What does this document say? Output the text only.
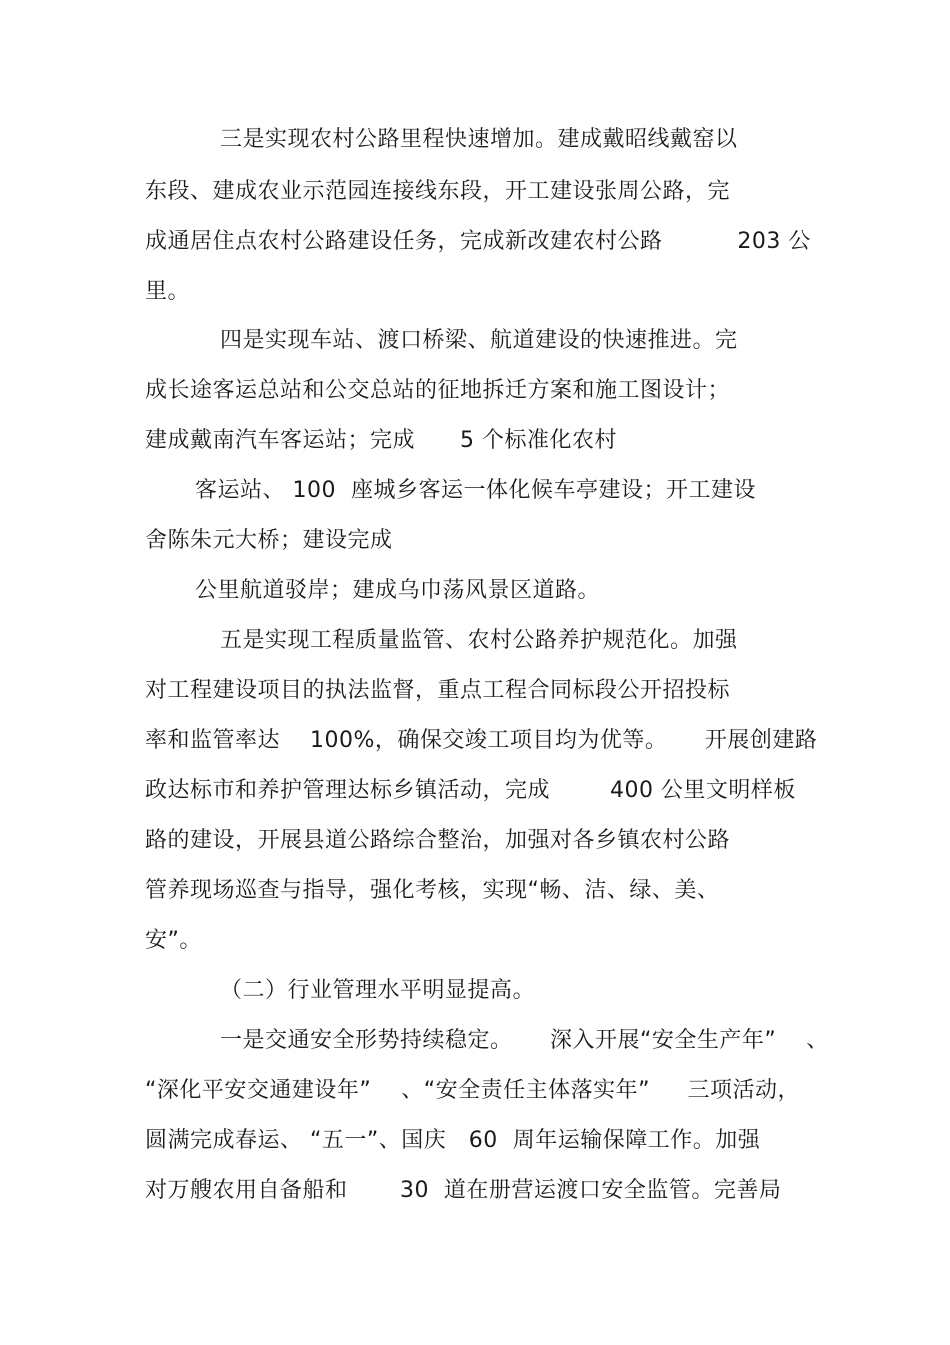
三是实现农村公路里程快速增加。建成戴昭线戴窑以
东段、建成农业示范园连接线东段，开工建设张周公路，完
成通居住点农村公路建设任务，完成新改建农村公路          203 公
里。
四是实现车站、渡口桥梁、航道建设的快速推进。完
成长途客运总站和公交总站的征地拆迁方案和施工图设计；
建成戴南汽车客运站；完成      5 个标准化农村
客运站、 100  座城乡客运一体化候车亭建设；开工建设
舍陈朱元大桥；建设完成
公里航道驳岸；建成乌巾荡风景区道路。
五是实现工程质量监管、农村公路养护规范化。加强
对工程建设项目的执法监督，重点工程合同标段公开招投标
率和监管率达    100%，确保交竣工项目均为优等。     开展创建路
政达标市和养护管理达标乡镇活动，完成        400 公里文明样板
路的建设，开展县道公路综合整治，加强对各乡镇农村公路
管养现场巡查与指导，强化考核，实现“畅、洁、绿、美、
安”。
（二）行业管理水平明显提高。
一是交通安全形势持续稳定。     深入开展“安全生产年”    、
“深化平安交通建设年”    、“安全责任主体落实年”     三项活动，
圆满完成春运、 “五一”、国庆   60  周年运输保障工作。加强
对万艘农用自备船和       30  道在册营运渡口安全监管。完善局
